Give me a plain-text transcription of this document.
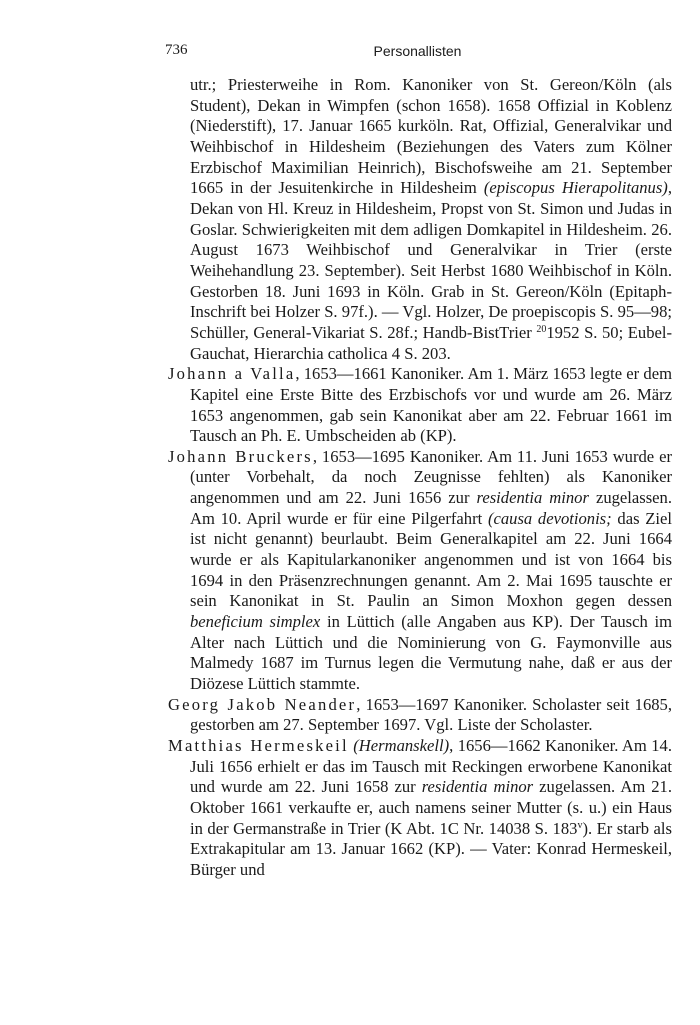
736	Personallisten

utr.; Priesterweihe in Rom. Kanoniker von St. Gereon/Köln (als Student), Dekan in Wimpfen (schon 1658). 1658 Offizial in Koblenz (Niederstift), 17. Januar 1665 kurköln. Rat, Offizial, Generalvikar und Weihbischof in Hildesheim (Beziehungen des Vaters zum Kölner Erzbischof Maximilian Heinrich), Bischofsweihe am 21. September 1665 in der Jesuitenkirche in Hildesheim (episcopus Hierapolitanus), Dekan von Hl. Kreuz in Hildesheim, Propst von St. Simon und Judas in Goslar. Schwierigkeiten mit dem adligen Domkapitel in Hildesheim. 26. August 1673 Weihbischof und Generalvikar in Trier (erste Weihehandlung 23. September). Seit Herbst 1680 Weihbischof in Köln. Gestorben 18. Juni 1693 in Köln. Grab in St. Gereon/Köln (Epitaph-Inschrift bei Holzer S. 97f.). — Vgl. Holzer, De proepiscopis S. 95—98; Schüller, General-Vikariat S. 28f.; Handb-BistTrier $^{20}$1952 S. 50; Eubel-Gauchat, Hierarchia catholica 4 S. 203.

Johann a Valla, 1653—1661 Kanoniker. Am 1. März 1653 legte er dem Kapitel eine Erste Bitte des Erzbischofs vor und wurde am 26. März 1653 angenommen, gab sein Kanonikat aber am 22. Februar 1661 im Tausch an Ph. E. Umbscheiden ab (KP).

Johann Bruckers, 1653—1695 Kanoniker. Am 11. Juni 1653 wurde er (unter Vorbehalt, da noch Zeugnisse fehlten) als Kanoniker angenommen und am 22. Juni 1656 zur residentia minor zugelassen. Am 10. April wurde er für eine Pilgerfahrt (causa devotionis; das Ziel ist nicht genannt) beurlaubt. Beim Generalkapitel am 22. Juni 1664 wurde er als Kapitularkanoniker angenommen und ist von 1664 bis 1694 in den Präsenzrechnungen genannt. Am 2. Mai 1695 tauschte er sein Kanonikat in St. Paulin an Simon Moxhon gegen dessen beneficium simplex in Lüttich (alle Angaben aus KP). Der Tausch im Alter nach Lüttich und die Nominierung von G. Faymonville aus Malmedy 1687 im Turnus legen die Vermutung nahe, daß er aus der Diözese Lüttich stammte.

Georg Jakob Neander, 1653—1697 Kanoniker. Scholaster seit 1685, gestorben am 27. September 1697. Vgl. Liste der Scholaster.

Matthias Hermeskeil (Hermanskell), 1656—1662 Kanoniker. Am 14. Juli 1656 erhielt er das im Tausch mit Reckingen erworbene Kanonikat und wurde am 22. Juni 1658 zur residentia minor zugelassen. Am 21. Oktober 1661 verkaufte er, auch namens seiner Mutter (s. u.) ein Haus in der Germanstraße in Trier (K Abt. 1C Nr. 14038 S. 183$^v$). Er starb als Extrakapitular am 13. Januar 1662 (KP). — Vater: Konrad Hermeskeil, Bürger und
